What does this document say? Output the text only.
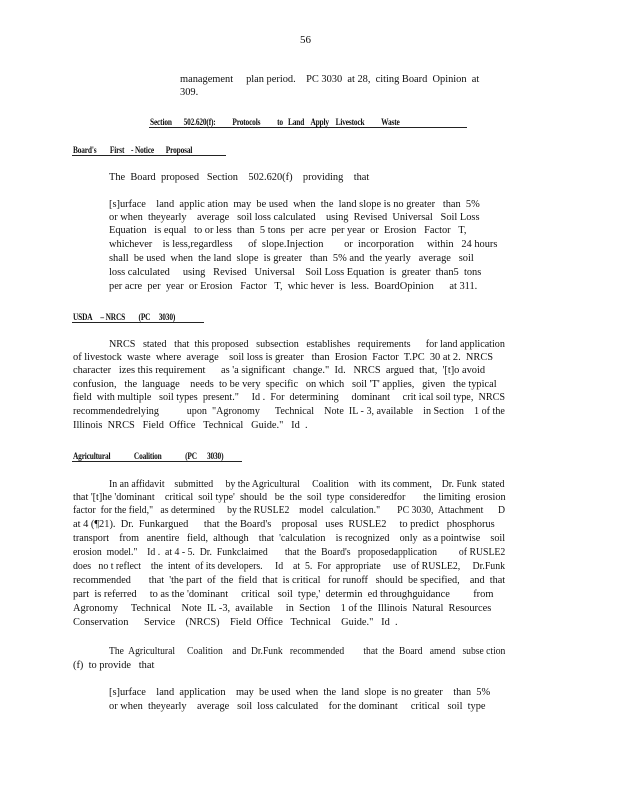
56
management     plan period.    PC 3030  at 28,  citing Board  Opinion  at
309.
Section       502.620(f):          Protocols          to   Land    Apply    Livestock          Waste
Board's        First    - Notice       Proposal
The  Board  proposed   Section    502.620(f)    providing    that
[s]urface    land  applic ation  may  be used  when  the  land slope is no greater   than  5%
or when  theyearly    average   soil loss calculated    using  Revised  Universal   Soil Loss
Equation   is equal   to or less  than  5 tons  per  acre  per year  or  Erosion   Factor   T,
whichever    is less,regardless      of  slope.Injection        or  incorporation     within   24 hours
shall  be used  when  the land  slope  is greater   than  5% and  the yearly   average   soil
loss calculated     using   Revised   Universal    Soil Loss Equation  is  greater  than5  tons
per acre  per  year  or Erosion   Factor   T,  whic hever  is  less.  BoardOpinion      at 311.
USDA     – NRCS        (PC     3030)
NRCS   stated   that  this proposed   subsection   establishes   requirements      for land application
of livestock  waste  where  average    soil loss is greater   than  Erosion  Factor  T.PC  30 at 2.  NRCS
character   izes this requirement      as 'a significant   change."  Id.   NRCS  argued  that,  '[t]o avoid
confusion,   the  language    needs  to be very  specific   on which   soil 'T' applies,   given   the typical
field  with multiple   soil types  present."     Id .  For  determining     dominant     crit ical soil type,  NRCS
recommendedrelying           upon  "Agronomy      Technical    Note  IL - 3, available    in Section    1 of the
Illinois  NRCS   Field  Office   Technical   Guide."   Id  .
Agricultural              Coalition              (PC      3030)
In an affidavit    submitted     by the Agricultural     Coalition    with  its comment,    Dr. Funk  stated
that '[t]he 'dominant    critical  soil type'  should   be  the  soil  type  consideredfor       the limiting  erosion
factor  for the field,"   as determined     by the RUSLE2    model   calculation."       PC 3030,  Attachment      D
at 4 (¶21).  Dr.  Funkargued      that  the Board's    proposal   uses  RUSLE2     to predict   phosphorus
transport    from   anentire   field,  although    that  'calculation    is recognized    only  as a pointwise    soil
erosion  model."    Id .  at 4 - 5.  Dr.  Funkclaimed       that  the  Board's   proposedapplication         of RUSLE2
does   no t reflect    the  intent  of its developers.     Id    at  5.  For  appropriate     use  of RUSLE2,     Dr.Funk
recommended       that  'the part  of  the  field  that  is critical   for runoff   should  be specified,    and  that
part  is referred     to as the 'dominant     critical   soil  type,'  determin  ed throughguidance         from
Agronomy     Technical    Note  IL -3,  available     in  Section    1 of the  Illinois  Natural  Resources
Conservation      Service    (NRCS)    Field  Office   Technical    Guide."   Id  .
The  Agricultural     Coalition    and  Dr.Funk   recommended        that  the  Board   amend   subse ction
(f)  to provide   that
[s]urface    land  application    may  be used  when  the  land  slope  is no greater    than  5%
or when  theyearly    average   soil  loss calculated    for the dominant     critical   soil  type
